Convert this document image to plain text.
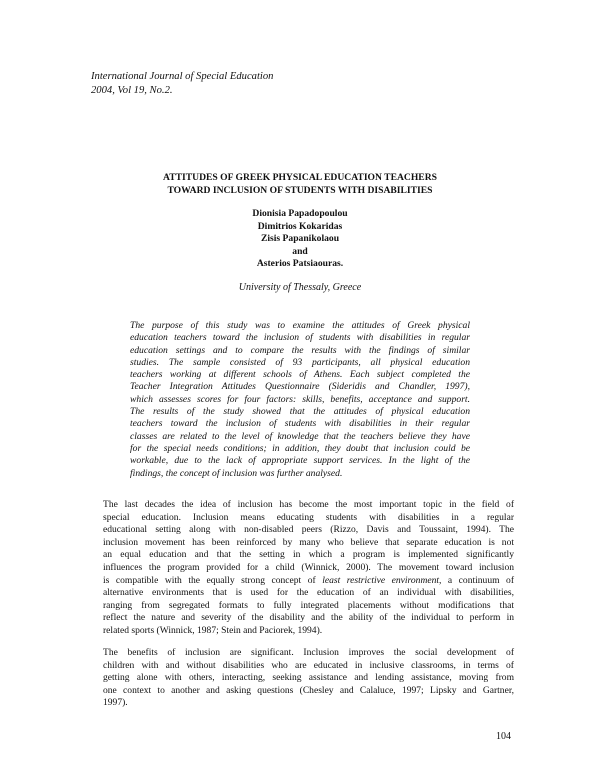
International Journal of Special Education
2004, Vol 19, No.2.
ATTITUDES OF GREEK PHYSICAL EDUCATION TEACHERS
TOWARD INCLUSION OF STUDENTS WITH DISABILITIES
Dionisia Papadopoulou
Dimitrios Kokaridas
Zisis Papanikolaou
and
Asterios Patsiaouras.
University of Thessaly, Greece
The purpose of this study was to examine the attitudes of Greek physical
education teachers toward the inclusion of students with disabilities in regular
education settings and to compare the results with the findings of similar
studies. The sample consisted of 93 participants, all physical education
teachers working at different schools of Athens. Each subject completed the
Teacher Integration Attitudes Questionnaire (Sideridis and Chandler, 1997),
which assesses scores for four factors: skills, benefits, acceptance and support.
The results of the study showed that the attitudes of physical education
teachers toward the inclusion of students with disabilities in their regular
classes are related to the level of knowledge that the teachers believe they have
for the special needs conditions; in addition, they doubt that inclusion could be
workable, due to the lack of appropriate support services. In the light of the
findings, the concept of inclusion was further analysed.
The last decades the idea of inclusion has become the most important topic in the field of
special education. Inclusion means educating students with disabilities in a regular
educational setting along with non-disabled peers (Rizzo, Davis and Toussaint, 1994). The
inclusion movement has been reinforced by many who believe that separate education is not
an equal education and that the setting in which a program is implemented significantly
influences the program provided for a child (Winnick, 2000). The movement toward inclusion
is compatible with the equally strong concept of least restrictive environment, a continuum of
alternative environments that is used for the education of an individual with disabilities,
ranging from segregated formats to fully integrated placements without modifications that
reflect the nature and severity of the disability and the ability of the individual to perform in
related sports (Winnick, 1987; Stein and Paciorek, 1994).
The benefits of inclusion are significant. Inclusion improves the social development of
children with and without disabilities who are educated in inclusive classrooms, in terms of
getting alone with others, interacting, seeking assistance and lending assistance, moving from
one context to another and asking questions (Chesley and Calaluce, 1997; Lipsky and Gartner,
1997).
104
